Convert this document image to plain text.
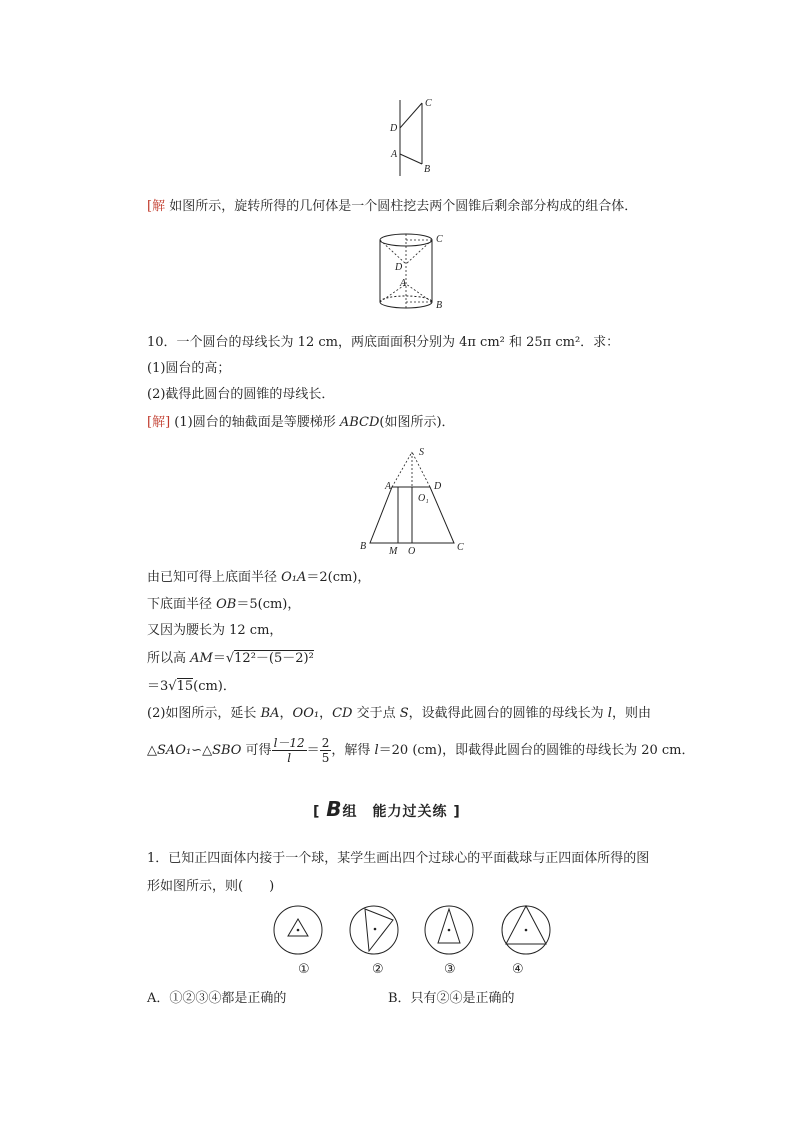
C
D
A
B
[解 如图所示，旋转所得的几何体是一个圆柱挖去两个圆锥后剩余部分构成的组合体．
C
D
A
B
10．一个圆台的母线长为 12 cm，两底面面积分别为 4π cm² 和 25π cm²．求：
(1)圆台的高；
(2)截得此圆台的圆锥的母线长．
[解] (1)圆台的轴截面是等腰梯形 ABCD(如图所示)．
S
A	D
O₁
B M O	C
由已知可得上底面半径 O₁A＝2(cm)，
下底面半径 OB＝5(cm)，
又因为腰长为 12 cm，
所以高 AM＝√12²－(5－2)²
＝3√15(cm)．
(2)如图所示，延长 BA，OO₁，CD 交于点 S，设截得此圆台的圆锥的母线长为 l，则由
△SAO₁∽△SBO 可得 $\frac{l-12}{l} = \frac{2}{5}$ ，解得 l＝20 (cm)，即截得此圆台的圆锥的母线长为 20 cm．
[ B组　能力过关练 ]
1．已知正四面体内接于一个球，某学生画出四个过球心的平面截球与正四面体所得的图
形如图所示，则(　　)
①	②	③	④
A．①②③④都是正确的	B．只有②④是正确的
